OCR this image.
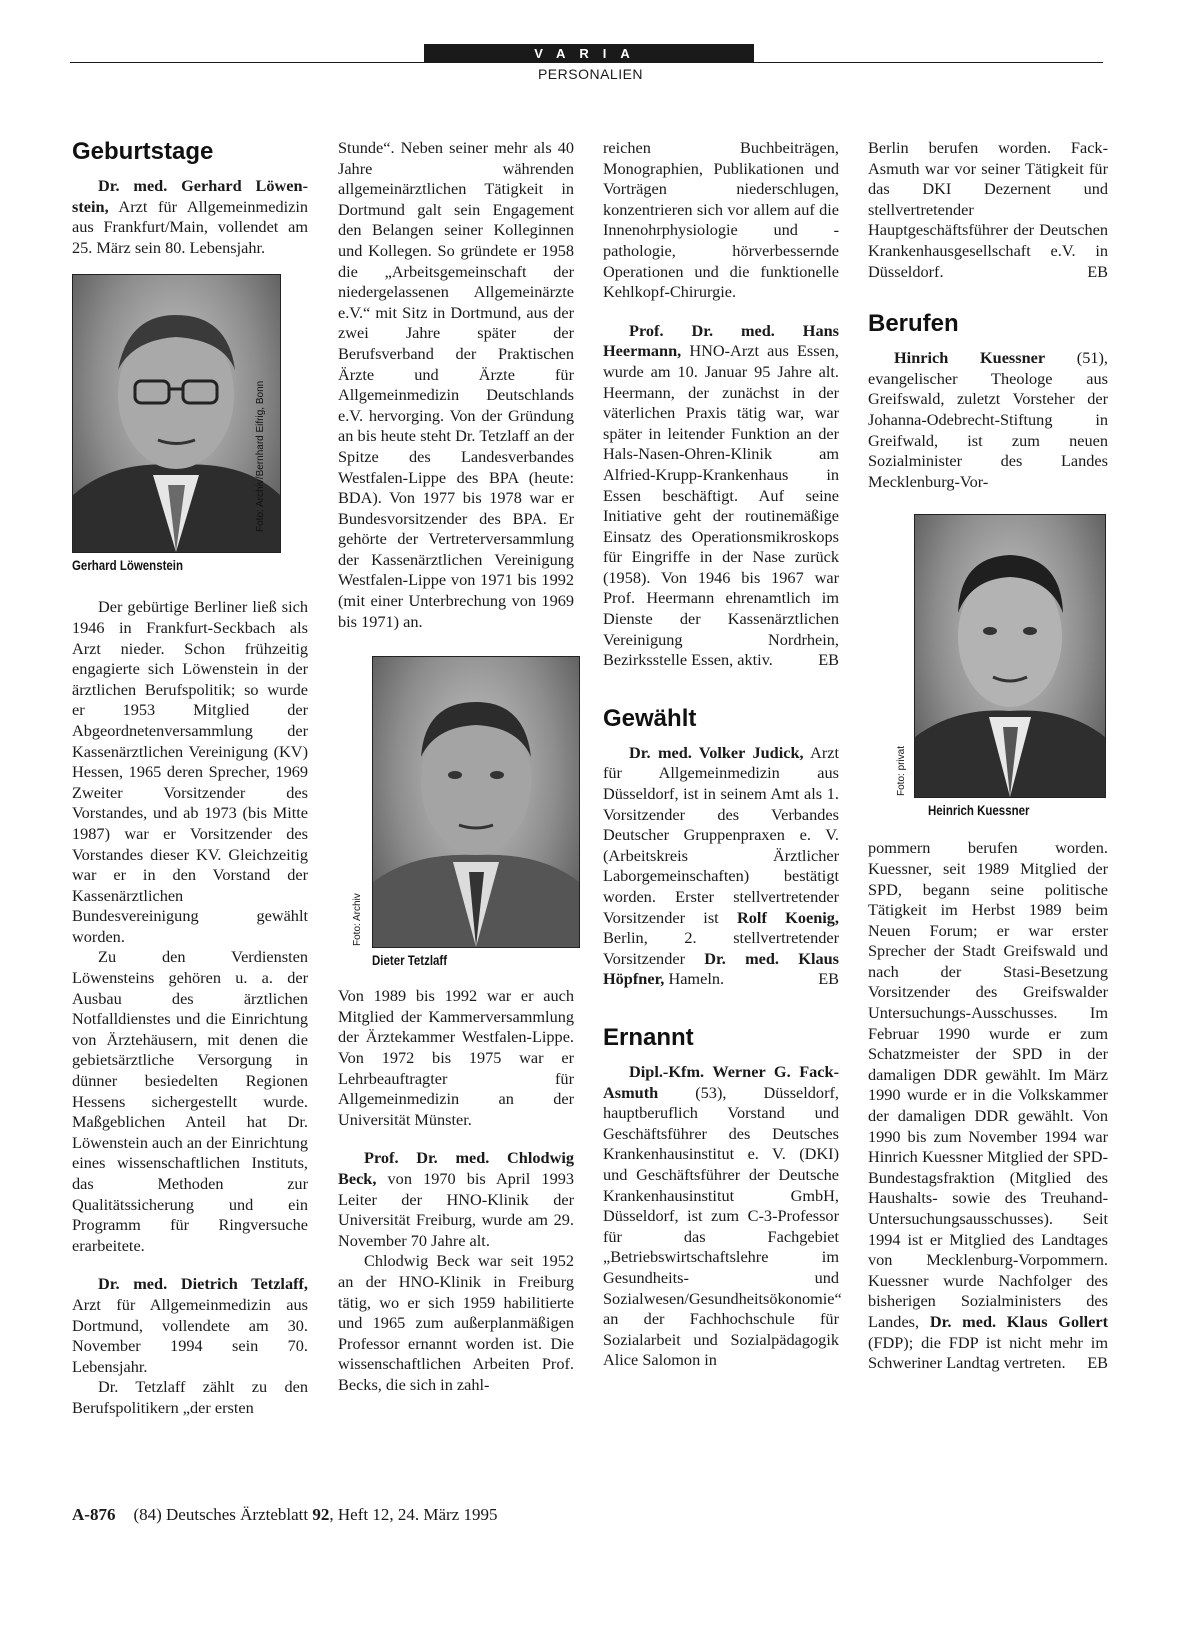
VARIA
PERSONALIEN
Geburtstage

Dr. med. Gerhard Löwen-stein, Arzt für Allgemeinmedizin aus Frankfurt/Main, vollendet am 25. März sein 80. Lebensjahr.

Foto: Archiv/Bernhard Eifrig, Bonn
Gerhard Löwenstein

Der gebürtige Berliner ließ sich 1946 in Frankfurt-Seckbach als Arzt nieder. Schon frühzeitig engagierte sich Löwenstein in der ärztlichen Berufspolitik; so wurde er 1953 Mitglied der Abgeordnetenversammlung der Kassenärztlichen Vereinigung (KV) Hessen, 1965 deren Sprecher, 1969 Zweiter Vorsitzender des Vorstandes, und ab 1973 (bis Mitte 1987) war er Vorsitzender des Vorstandes dieser KV. Gleichzeitig war er in den Vorstand der Kassenärztlichen Bundesvereinigung gewählt worden.

Zu den Verdiensten Löwensteins gehören u. a. der Ausbau des ärztlichen Notfalldienstes und die Einrichtung von Ärztehäusern, mit denen die gebietsärztliche Versorgung in dünner besiedelten Regionen Hessens sichergestellt wurde. Maßgeblichen Anteil hat Dr. Löwenstein auch an der Einrichtung eines wissenschaftlichen Instituts, das Methoden zur Qualitätssicherung und ein Programm für Ringversuche erarbeitete.

Dr. med. Dietrich Tetzlaff, Arzt für Allgemeinmedizin aus Dortmund, vollendete am 30. November 1994 sein 70. Lebensjahr.

Dr. Tetzlaff zählt zu den Berufspolitikern „der ersten

Stunde“. Neben seiner mehr als 40 Jahre währenden allgemeinärztlichen Tätigkeit in Dortmund galt sein Engagement den Belangen seiner Kolleginnen und Kollegen. So gründete er 1958 die „Arbeitsgemeinschaft der niedergelassenen Allgemeinärzte e.V.“ mit Sitz in Dortmund, aus der zwei Jahre später der Berufsverband der Praktischen Ärzte und Ärzte für Allgemeinmedizin Deutschlands e.V. hervorging. Von der Gründung an bis heute steht Dr. Tetzlaff an der Spitze des Landesverbandes Westfalen-Lippe des BPA (heute: BDA). Von 1977 bis 1978 war er Bundesvorsitzender des BPA. Er gehörte der Vertreterversammlung der Kassenärztlichen Vereinigung Westfalen-Lippe von 1971 bis 1992 (mit einer Unterbrechung von 1969 bis 1971) an.

Foto: Archiv
Dieter Tetzlaff

Von 1989 bis 1992 war er auch Mitglied der Kammerversammlung der Ärztekammer Westfalen-Lippe. Von 1972 bis 1975 war er Lehrbeauftragter für Allgemeinmedizin an der Universität Münster.

Prof. Dr. med. Chlodwig Beck, von 1970 bis April 1993 Leiter der HNO-Klinik der Universität Freiburg, wurde am 29. November 70 Jahre alt.

Chlodwig Beck war seit 1952 an der HNO-Klinik in Freiburg tätig, wo er sich 1959 habilitierte und 1965 zum außerplanmäßigen Professor ernannt worden ist. Die wissenschaftlichen Arbeiten Prof. Becks, die sich in zahl-

reichen Buchbeiträgen, Monographien, Publikationen und Vorträgen niederschlugen, konzentrieren sich vor allem auf die Innenohrphysiologie und -pathologie, hörverbessernde Operationen und die funktionelle Kehlkopf-Chirurgie.

Prof. Dr. med. Hans Heermann, HNO-Arzt aus Essen, wurde am 10. Januar 95 Jahre alt. Heermann, der zunächst in der väterlichen Praxis tätig war, war später in leitender Funktion an der Hals-Nasen-Ohren-Klinik am Alfried-Krupp-Krankenhaus in Essen beschäftigt. Auf seine Initiative geht der routinemäßige Einsatz des Operationsmikroskops für Eingriffe in der Nase zurück (1958). Von 1946 bis 1967 war Prof. Heermann ehrenamtlich im Dienste der Kassenärztlichen Vereinigung Nordrhein, Bezirksstelle Essen, aktiv.	EB

Gewählt

Dr. med. Volker Judick, Arzt für Allgemeinmedizin aus Düsseldorf, ist in seinem Amt als 1. Vorsitzender des Verbandes Deutscher Gruppenpraxen e. V. (Arbeitskreis Ärztlicher Laborgemeinschaften) bestätigt worden. Erster stellvertretender Vorsitzender ist Rolf Koenig, Berlin, 2. stellvertretender Vorsitzender Dr. med. Klaus Höpfner, Hameln.	EB

Ernannt

Dipl.-Kfm. Werner G. Fack-Asmuth (53), Düsseldorf, hauptberuflich Vorstand und Geschäftsführer des Deutsches Krankenhausinstitut e. V. (DKI) und Geschäftsführer der Deutsche Krankenhausinstitut GmbH, Düsseldorf, ist zum C-3-Professor für das Fachgebiet „Betriebswirtschaftslehre im Gesundheits- und Sozialwesen/Gesundheitsökonomie“ an der Fachhochschule für Sozialarbeit und Sozialpädagogik Alice Salomon in

Berlin berufen worden. Fack-Asmuth war vor seiner Tätigkeit für das DKI Dezernent und stellvertretender Hauptgeschäftsführer der Deutschen Krankenhausgesellschaft e.V. in Düsseldorf.	EB

Berufen

Hinrich Kuessner (51), evangelischer Theologe aus Greifswald, zuletzt Vorsteher der Johanna-Odebrecht-Stiftung in Greifwald, ist zum neuen Sozialminister des Landes Mecklenburg-Vor-

Foto: privat
Heinrich Kuessner

pommern berufen worden. Kuessner, seit 1989 Mitglied der SPD, begann seine politische Tätigkeit im Herbst 1989 beim Neuen Forum; er war erster Sprecher der Stadt Greifswald und nach der Stasi-Besetzung Vorsitzender des Greifswalder Untersuchungs-Ausschusses. Im Februar 1990 wurde er zum Schatzmeister der SPD in der damaligen DDR gewählt. Im März 1990 wurde er in die Volkskammer der damaligen DDR gewählt. Von 1990 bis zum November 1994 war Hinrich Kuessner Mitglied der SPD-Bundestagsfraktion (Mitglied des Haushalts- sowie des Treuhand-Untersuchungsausschusses). Seit 1994 ist er Mitglied des Landtages von Mecklenburg-Vorpommern. Kuessner wurde Nachfolger des bisherigen Sozialministers des Landes, Dr. med. Klaus Gollert (FDP); die FDP ist nicht mehr im Schweriner Landtag vertreten. EB

A-876 (84) Deutsches Ärzteblatt 92, Heft 12, 24. März 1995
